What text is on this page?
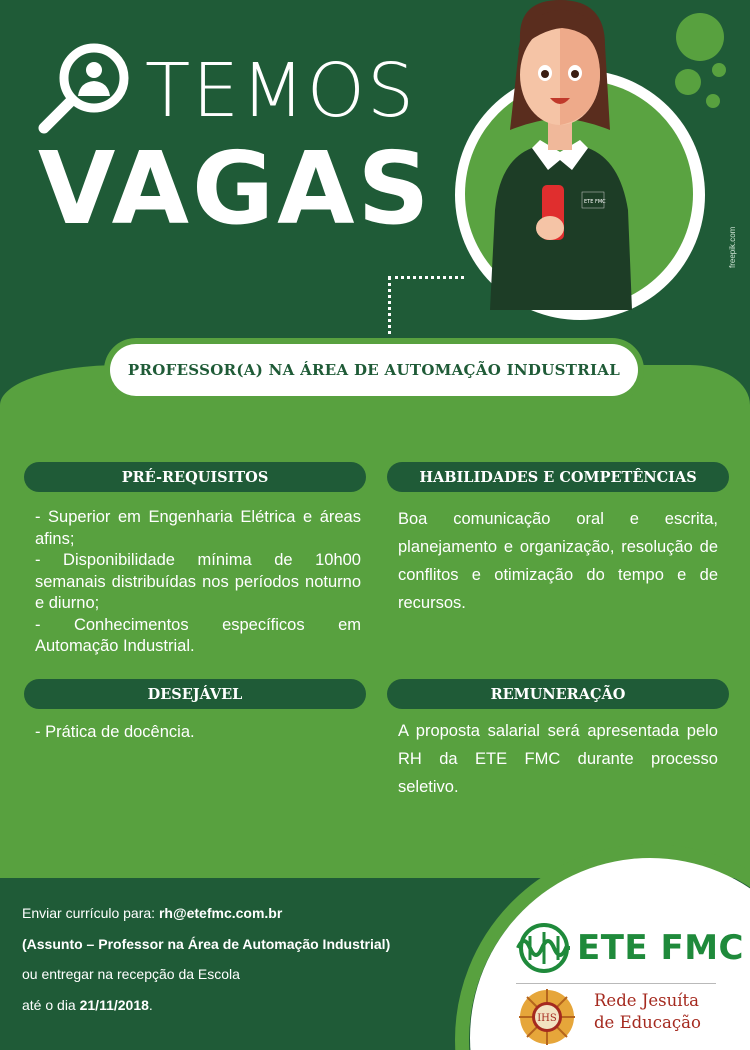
TEMOS
VAGAS	ETE FMC
freepik.com
PROFESSOR(A) NA ÁREA DE AUTOMAÇÃO INDUSTRIAL
PRÉ-REQUISITOS	HABILIDADES E COMPETÊNCIAS
DESEJÁVEL	REMUNERAÇÃO
- Superior em Engenharia Elétrica e áreas afins;
- Disponibilidade mínima de 10h00 semanais distribuídas nos períodos noturno e diurno;
- Conhecimentos específicos em Automação Industrial.
Boa comunicação oral e escrita, planejamento e organização, resolução de conflitos e otimização do tempo e de recursos.
- Prática de docência.	A proposta salarial será apresentada pelo RH da ETE FMC durante processo seletivo.
Enviar currículo para: rh@etefmc.com.br
(Assunto – Professor na Área de Automação Industrial)
ou entregar na recepção da Escola
até o dia 21/11/2018.
ETE FMC
IHS
Rede Jesuíta
de Educação
